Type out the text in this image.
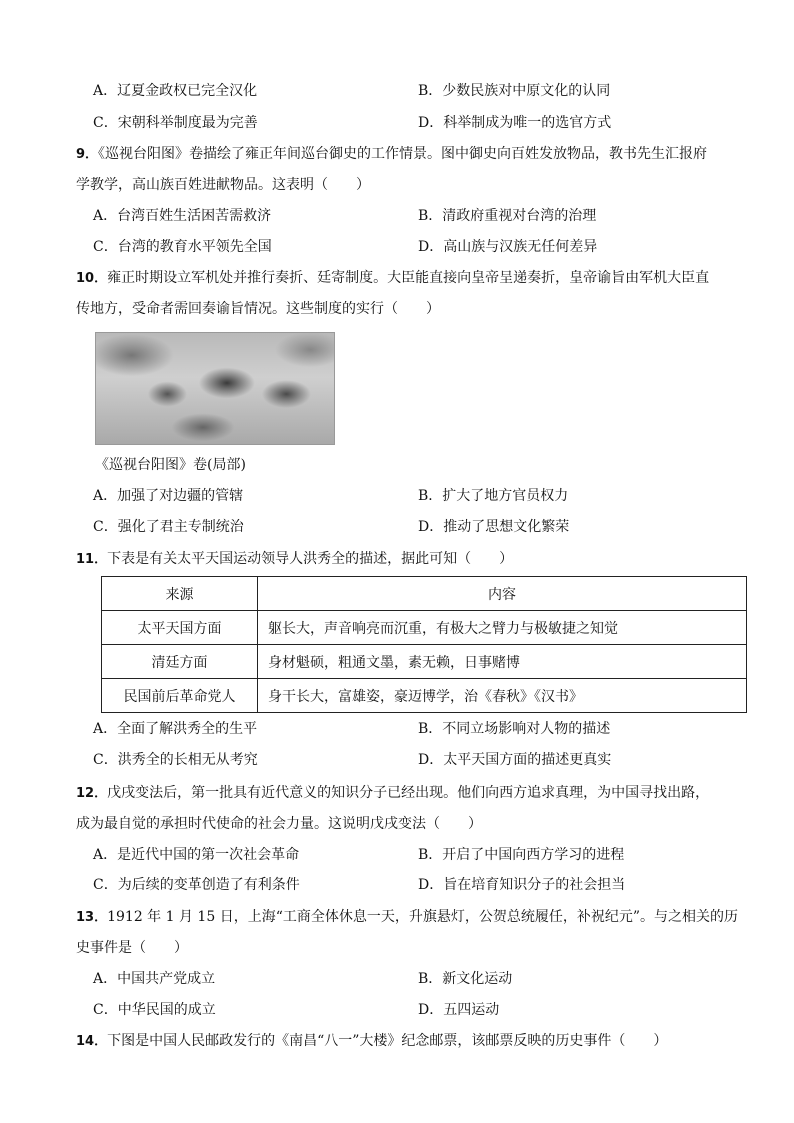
A．辽夏金政权已完全汉化	B．少数民族对中原文化的认同
C．宋朝科举制度最为完善	D．科举制成为唯一的选官方式
9．《巡视台阳图》卷描绘了雍正年间巡台御史的工作情景。图中御史向百姓发放物品，教书先生汇报府
学教学，高山族百姓进献物品。这表明（　　）
A．台湾百姓生活困苦需救济	B．清政府重视对台湾的治理
C．台湾的教育水平领先全国	D．高山族与汉族无任何差异
10．雍正时期设立军机处并推行奏折、廷寄制度。大臣能直接向皇帝呈递奏折，皇帝谕旨由军机大臣直
传地方，受命者需回奏谕旨情况。这些制度的实行（　　）
《巡视台阳图》卷(局部)
A．加强了对边疆的管辖	B．扩大了地方官员权力
C．强化了君主专制统治	D．推动了思想文化繁荣
11．下表是有关太平天国运动领导人洪秀全的描述，据此可知（　　）
来源	内容
太平天国方面	躯长大，声音响亮而沉重，有极大之臂力与极敏捷之知觉
清廷方面	身材魁硕，粗通文墨，素无赖，日事赌博
民国前后革命党人	身干长大，富雄姿，豪迈博学，治《春秋》《汉书》
A．全面了解洪秀全的生平	B．不同立场影响对人物的描述
C．洪秀全的长相无从考究	D．太平天国方面的描述更真实
12．戊戌变法后，第一批具有近代意义的知识分子已经出现。他们向西方追求真理，为中国寻找出路，
成为最自觉的承担时代使命的社会力量。这说明戊戌变法（　　）
A．是近代中国的第一次社会革命	B．开启了中国向西方学习的进程
C．为后续的变革创造了有利条件	D．旨在培育知识分子的社会担当
13．1912 年 1 月 15 日，上海“工商全体休息一天，升旗悬灯，公贺总统履任，补祝纪元”。与之相关的历
史事件是（　　）
A．中国共产党成立	B．新文化运动
C．中华民国的成立	D．五四运动
14．下图是中国人民邮政发行的《南昌“八一”大楼》纪念邮票，该邮票反映的历史事件（　　）
